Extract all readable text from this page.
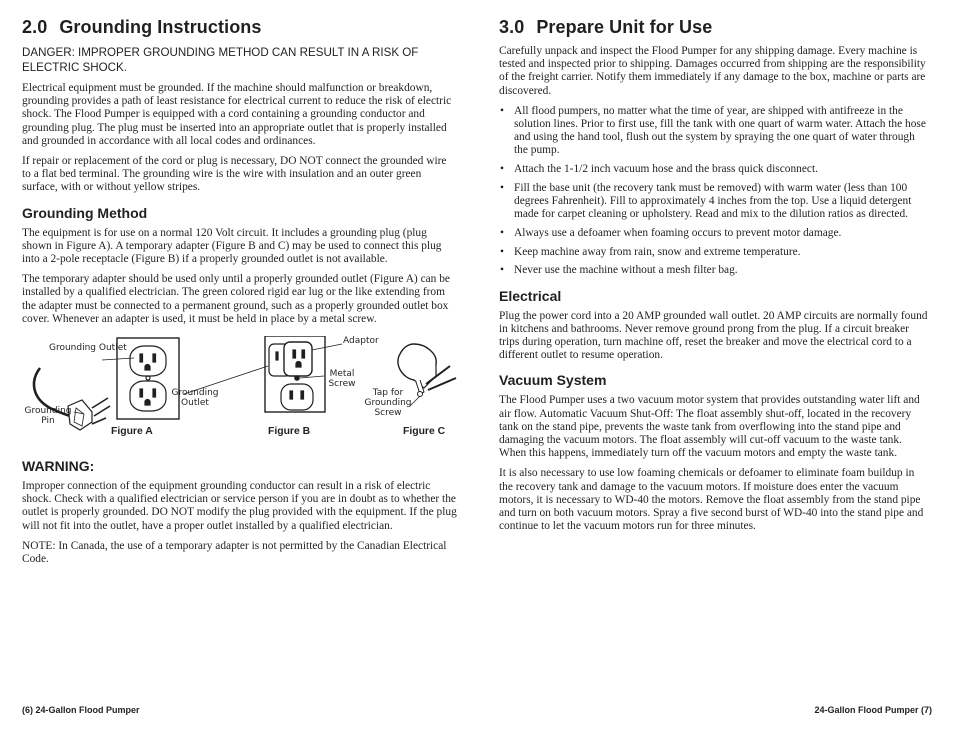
2.0 Grounding Instructions
DANGER: IMPROPER GROUNDING METHOD CAN RESULT IN A RISK OF ELECTRIC SHOCK.

Electrical equipment must be grounded. If the machine should malfunction or breakdown, grounding provides a path of least resistance for electrical current to reduce the risk of electric shock. The Flood Pumper is equipped with a cord containing a grounding conductor and grounding plug. The plug must be inserted into an appropriate outlet that is properly installed and grounded in accordance with all local codes and ordinances.

If repair or replacement of the cord or plug is necessary, DO NOT connect the grounded wire to a flat bed terminal. The grounding wire is the wire with insulation and an outer green surface, with or without yellow stripes.

Grounding Method

The equipment is for use on a normal 120 Volt circuit. It includes a grounding plug (plug shown in Figure A). A temporary adapter (Figure B and C) may be used to connect this plug into a 2-pole receptacle (Figure B) if a properly grounded outlet is not available.

The temporary adapter should be used only until a properly grounded outlet (Figure A) can be installed by a qualified electrician. The green colored rigid ear lug or the like extending from the adapter must be connected to a permanent ground, such as a properly grounded outlet box cover. Whenever an adapter is used, it must be held in place by a metal screw.

Grounding Outlet
Grounding Pin
Grounding Outlet
Adaptor
Metal Screw
Tap for Grounding Screw
Figure A	Figure B	Figure C
WARNING:

Improper connection of the equipment grounding conductor can result in a risk of electric shock. Check with a qualified electrician or service person if you are in doubt as to whether the outlet is properly grounded. DO NOT modify the plug provided with the equipment. If the plug will not fit into the outlet, have a proper outlet installed by a qualified electrician.

NOTE: In Canada, the use of a temporary adapter is not permitted by the Canadian Electrical Code.

3.0 Prepare Unit for Use

Carefully unpack and inspect the Flood Pumper for any shipping damage. Every machine is tested and inspected prior to shipping. Damages occurred from shipping are the responsibility of the freight carrier. Notify them immediately if any damage to the box, machine or parts are discovered.

• All flood pumpers, no matter what the time of year, are shipped with antifreeze in the solution lines. Prior to first use, fill the tank with one quart of warm water. Attach the hose and using the hand tool, flush out the system by spraying the one quart of water through the pump.
• Attach the 1-1/2 inch vacuum hose and the brass quick disconnect.
• Fill the base unit (the recovery tank must be removed) with warm water (less than 100 degrees Fahrenheit). Fill to approximately 4 inches from the top. Use a liquid detergent made for carpet cleaning or upholstery. Read and mix to the dilution ratios as directed.
• Always use a defoamer when foaming occurs to prevent motor damage.
• Keep machine away from rain, snow and extreme temperature.
• Never use the machine without a mesh filter bag.
Electrical

Plug the power cord into a 20 AMP grounded wall outlet. 20 AMP circuits are normally found in kitchens and bathrooms. Never remove ground prong from the plug. If a circuit breaker trips during operation, turn machine off, reset the breaker and move the electrical cord to a different outlet to resume operation.

Vacuum System

The Flood Pumper uses a two vacuum motor system that provides outstanding water lift and air flow. Automatic Vacuum Shut-Off: The float assembly shut-off, located in the recovery tank on the stand pipe, prevents the waste tank from overflowing into the stand pipe and damaging the vacuum motors. The float assembly will cut-off vacuum to the waste tank. When this happens, immediately turn off the vacuum motors and empty the waste tank.

It is also necessary to use low foaming chemicals or defoamer to eliminate foam buildup in the recovery tank and damage to the vacuum motors. If moisture does enter the vacuum motors, it is necessary to WD-40 the motors. Remove the float assembly from the stand pipe and turn on both vacuum motors. Spray a five second burst of WD-40 into the stand pipe and continue to let the vacuum motors run for three minutes.

(6) 24-Gallon Flood Pumper	24-Gallon Flood Pumper (7)
